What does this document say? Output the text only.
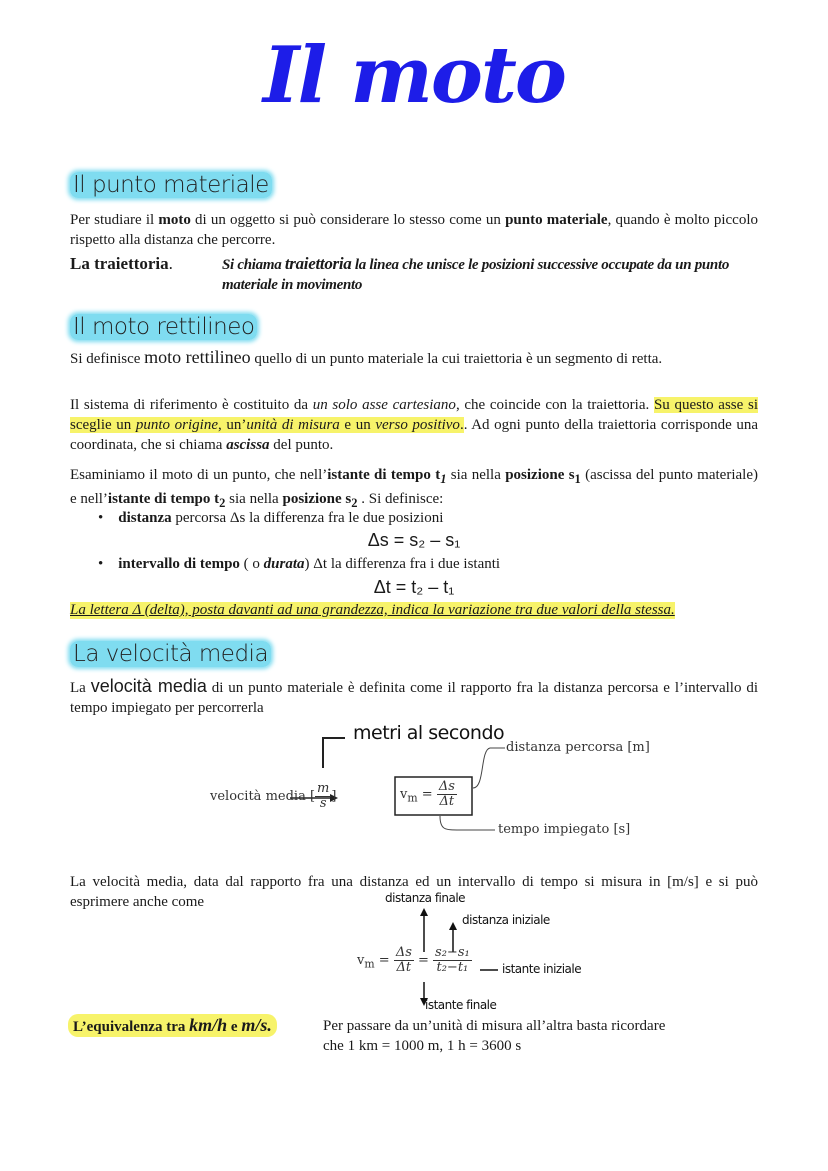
Il moto
Il punto materiale
Per studiare il moto di un oggetto si può considerare lo stesso come un punto materiale, quando è molto piccolo rispetto alla distanza che percorre.
La traiettoria.	Si chiama traiettoria la linea che unisce le posizioni successive occupate da un punto materiale in movimento
Il moto rettilineo
Si definisce moto rettilineo quello di un punto materiale la cui traiettoria è un segmento di retta.
Il sistema di riferimento è costituito da un solo asse cartesiano, che coincide con la traiettoria. Su questo asse si sceglie un punto origine, un’unità di misura e un verso positivo.. Ad ogni punto della traiettoria corrisponde una coordinata, che si chiama ascissa del punto.
Esaminiamo il moto di un punto, che nell’istante di tempo $t_1$ sia nella posizione $s_1$ (ascissa del punto materiale) e nell’istante di tempo $t_2$ sia nella posizione $s_2$ . Si definisce:
•    distanza percorsa Δs la differenza fra le due posizioni
Δs = s₂ – s₁
•    intervallo di tempo ( o durata) Δt la differenza fra i due istanti
Δt = t₂ – t₁
La lettera Δ (delta), posta davanti ad una grandezza, indica la variazione tra due valori della stessa.
La velocità media
La velocità media di un punto materiale è definita come il rapporto fra la distanza percorsa e l’intervallo di tempo impiegato per percorrerla
metri al secondo
velocità media [ $\frac{m}{s}$ ]	$v_m = \frac{\Delta s}{\Delta t}$
distanza percorsa [m]
tempo impiegato [s]
La velocità media, data dal rapporto fra una distanza ed un intervallo di tempo si misura in [m/s] e si può esprimere anche come
$v_m = \frac{\Delta s}{\Delta t} = \frac{\text{s₂−s₁}}{\text{t₂−t₁}}$
distanza finale
distanza iniziale
istante iniziale
istante finale
L’equivalenza tra km/h e m/s.	Per passare da un’unità di misura all’altra basta ricordare
che 1 km = 1000 m, 1 h = 3600 s
